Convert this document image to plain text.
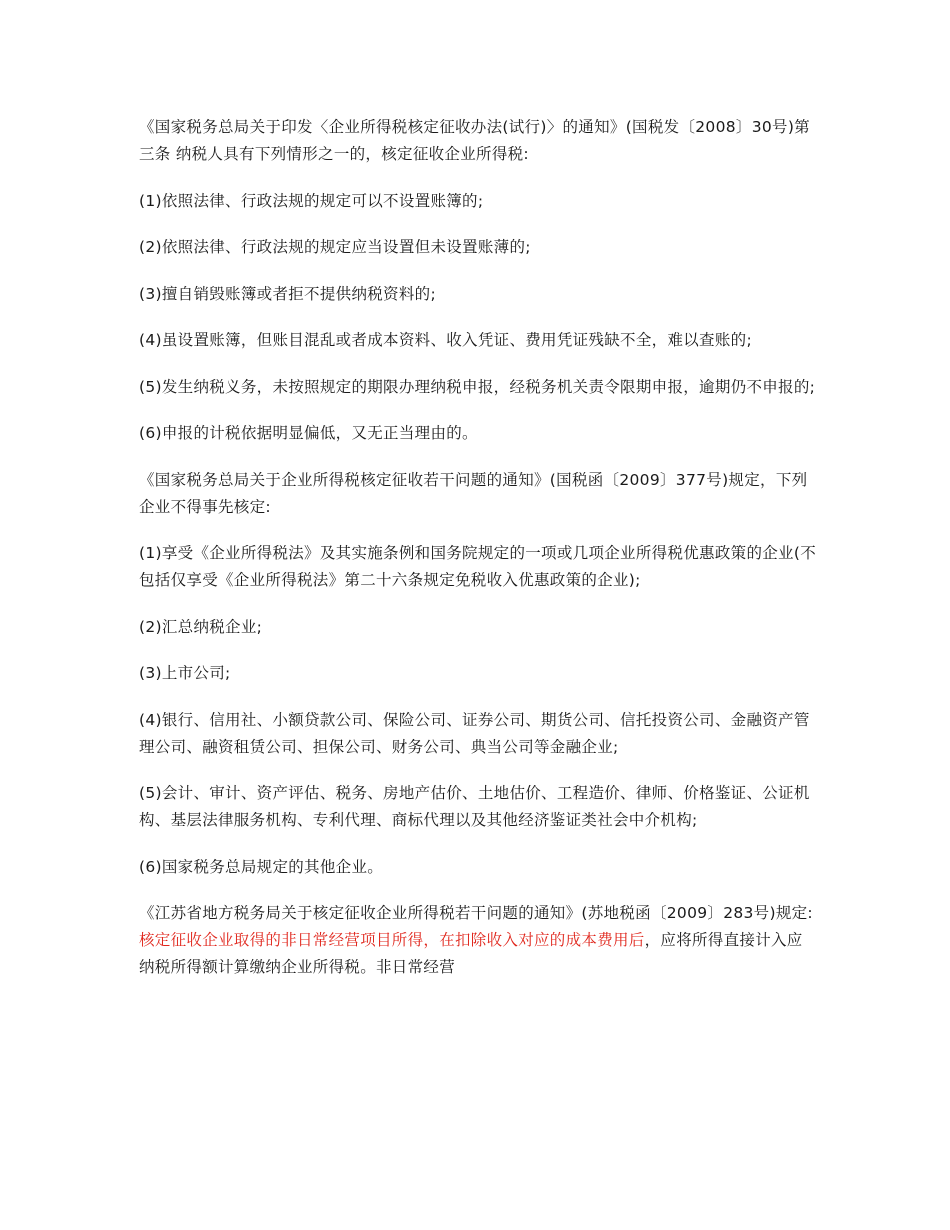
《国家税务总局关于印发〈企业所得税核定征收办法(试行)〉的通知》(国税发〔2008〕30号)第三条 纳税人具有下列情形之一的，核定征收企业所得税:

(1)依照法律、行政法规的规定可以不设置账簿的;

(2)依照法律、行政法规的规定应当设置但未设置账薄的;

(3)擅自销毁账簿或者拒不提供纳税资料的;

(4)虽设置账簿，但账目混乱或者成本资料、收入凭证、费用凭证残缺不全，难以查账的;

(5)发生纳税义务，未按照规定的期限办理纳税申报，经税务机关责令限期申报，逾期仍不申报的;

(6)申报的计税依据明显偏低，又无正当理由的。

《国家税务总局关于企业所得税核定征收若干问题的通知》(国税函〔2009〕377号)规定，下列企业不得事先核定:

(1)享受《企业所得税法》及其实施条例和国务院规定的一项或几项企业所得税优惠政策的企业(不包括仅享受《企业所得税法》第二十六条规定免税收入优惠政策的企业);

(2)汇总纳税企业;

(3)上市公司;

(4)银行、信用社、小额贷款公司、保险公司、证券公司、期货公司、信托投资公司、金融资产管理公司、融资租赁公司、担保公司、财务公司、典当公司等金融企业;

(5)会计、审计、资产评估、税务、房地产估价、土地估价、工程造价、律师、价格鉴证、公证机构、基层法律服务机构、专利代理、商标代理以及其他经济鉴证类社会中介机构;

(6)国家税务总局规定的其他企业。

《江苏省地方税务局关于核定征收企业所得税若干问题的通知》(苏地税函〔2009〕283号)规定:核定征收企业取得的非日常经营项目所得，在扣除收入对应的成本费用后，应将所得直接计入应纳税所得额计算缴纳企业所得税。非日常经营
